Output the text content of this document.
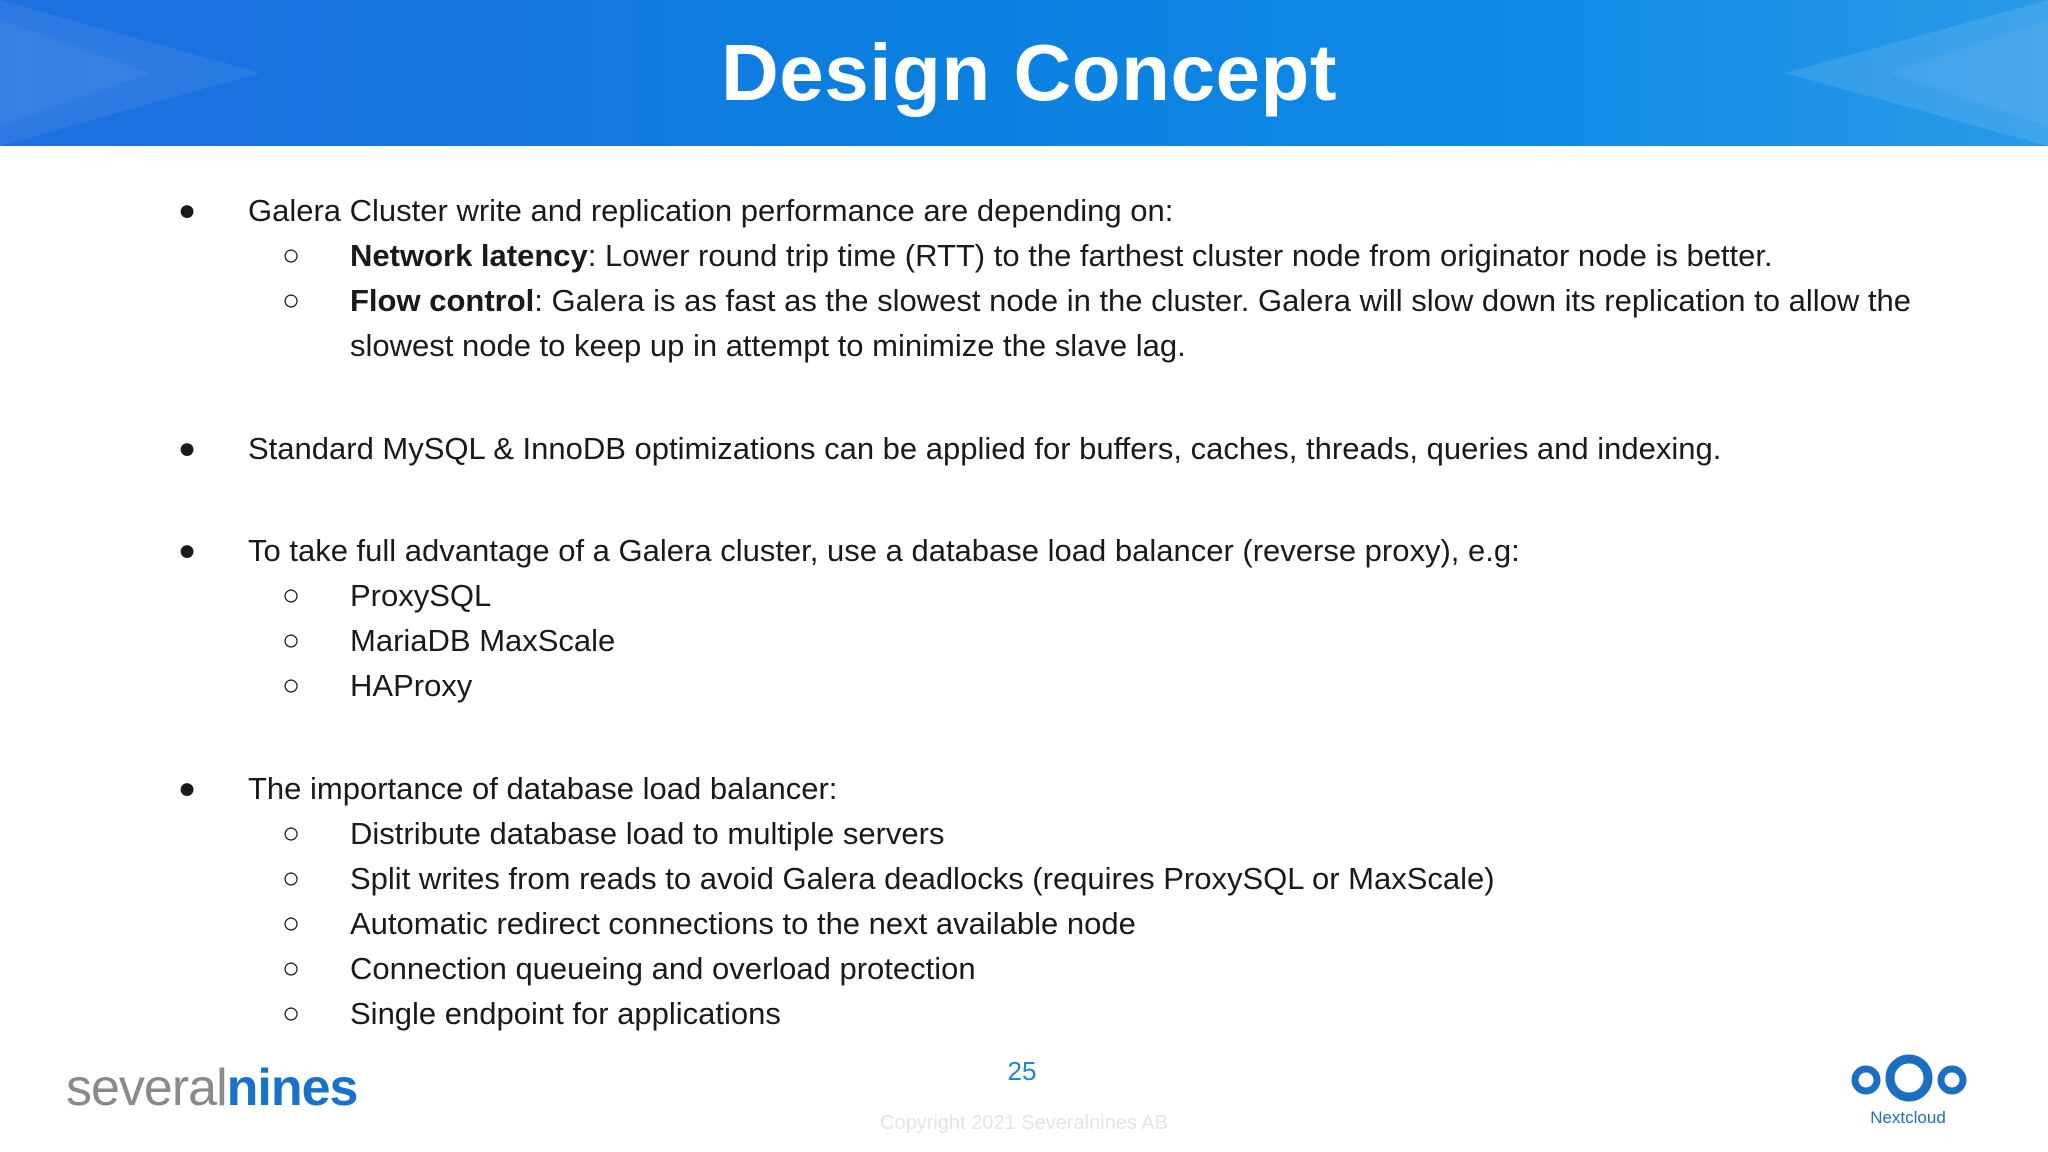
Design Concept
● Galera Cluster write and replication performance are depending on:
○ Network latency: Lower round trip time (RTT) to the farthest cluster node from originator node is better.
○ Flow control: Galera is as fast as the slowest node in the cluster. Galera will slow down its replication to allow the
slowest node to keep up in attempt to minimize the slave lag.
● Standard MySQL & InnoDB optimizations can be applied for buffers, caches, threads, queries and indexing.
● To take full advantage of a Galera cluster, use a database load balancer (reverse proxy), e.g:
○ ProxySQL
○ MariaDB MaxScale
○ HAProxy
● The importance of database load balancer:
○ Distribute database load to multiple servers
○ Split writes from reads to avoid Galera deadlocks (requires ProxySQL or MaxScale)
○ Automatic redirect connections to the next available node
○ Connection queueing and overload protection
○ Single endpoint for applications
severalnines	25
Copyright 2021 Severalnines AB	Nextcloud
